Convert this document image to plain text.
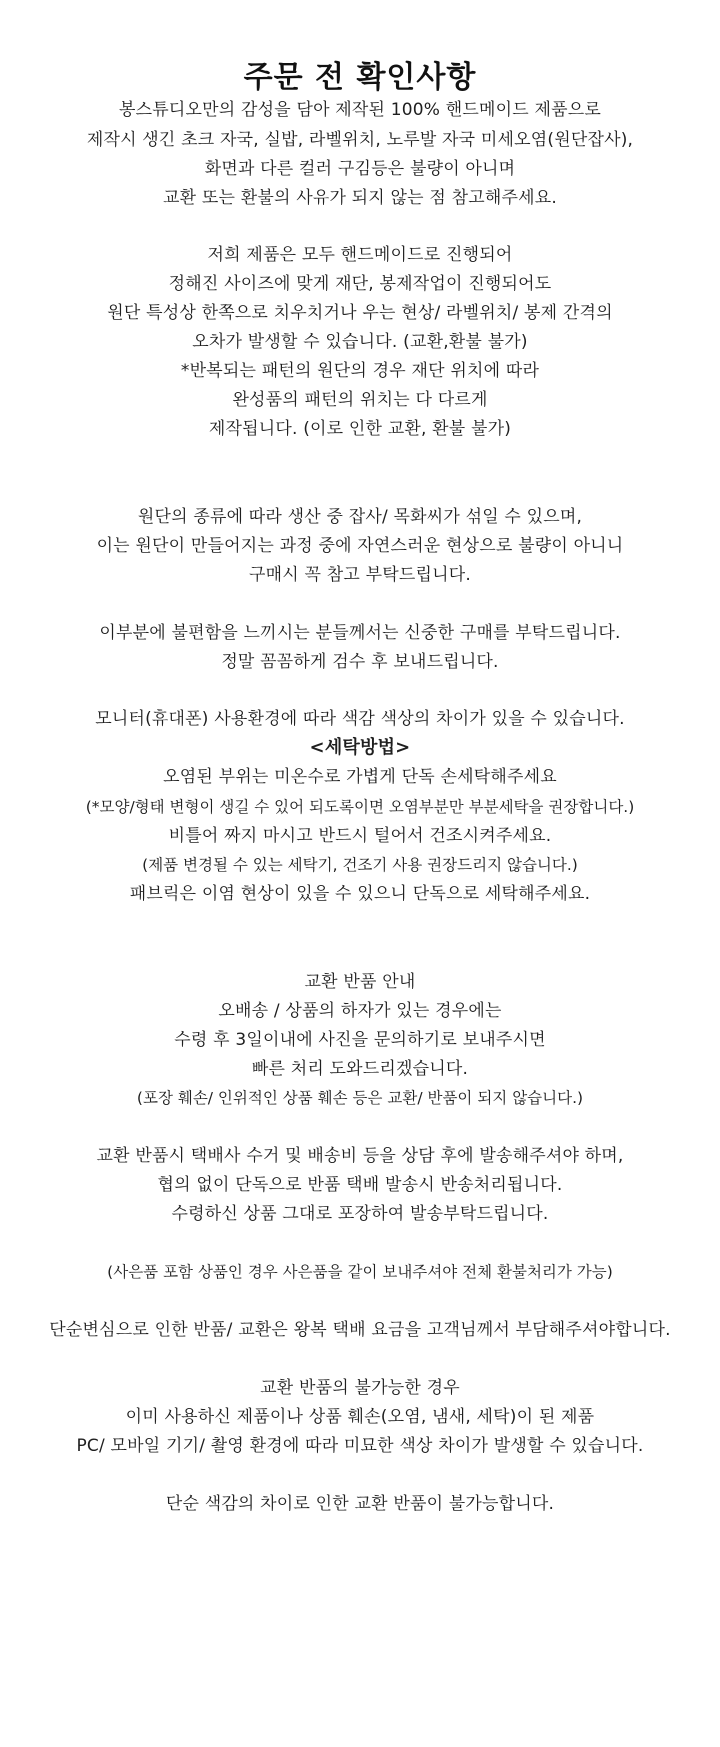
주문 전 확인사항
봉스튜디오만의 감성을 담아 제작된 100% 핸드메이드 제품으로
제작시 생긴 초크 자국, 실밥, 라벨위치, 노루발 자국 미세오염(원단잡사),
화면과 다른 컬러 구김등은 불량이 아니며
교환 또는 환불의 사유가 되지 않는 점 참고해주세요.
저희 제품은 모두 핸드메이드로 진행되어
정해진 사이즈에 맞게 재단, 봉제작업이 진행되어도
원단 특성상 한쪽으로 치우치거나 우는 현상/ 라벨위치/ 봉제 간격의
오차가 발생할 수 있습니다. (교환,환불 불가)
*반복되는 패턴의 원단의 경우 재단 위치에 따라
완성품의 패턴의 위치는 다 다르게
제작됩니다. (이로 인한 교환, 환불 불가)
원단의 종류에 따라 생산 중 잡사/ 목화씨가 섞일 수 있으며,
이는 원단이 만들어지는 과정 중에 자연스러운 현상으로 불량이 아니니
구매시 꼭 참고 부탁드립니다.
이부분에 불편함을 느끼시는 분들께서는 신중한 구매를 부탁드립니다.
정말 꼼꼼하게 검수 후 보내드립니다.
모니터(휴대폰) 사용환경에 따라 색감 색상의 차이가 있을 수 있습니다.
<세탁방법>
오염된 부위는 미온수로 가볍게 단독 손세탁해주세요
(*모양/형태 변형이 생길 수 있어 되도록이면 오염부분만 부분세탁을 권장합니다.)
비틀어 짜지 마시고 반드시 털어서 건조시켜주세요.
(제품 변경될 수 있는 세탁기, 건조기 사용 권장드리지 않습니다.)
패브릭은 이염 현상이 있을 수 있으니 단독으로 세탁해주세요.
교환 반품 안내
오배송 / 상품의 하자가 있는 경우에는
수령 후 3일이내에 사진을 문의하기로 보내주시면
빠른 처리 도와드리겠습니다.
(포장 훼손/ 인위적인 상품 훼손 등은 교환/ 반품이 되지 않습니다.)
교환 반품시 택배사 수거 및 배송비 등을 상담 후에 발송해주셔야 하며,
협의 없이 단독으로 반품 택배 발송시 반송처리됩니다.
수령하신 상품 그대로 포장하여 발송부탁드립니다.
(사은품 포함 상품인 경우 사은품을 같이 보내주셔야 전체 환불처리가 가능)
단순변심으로 인한 반품/ 교환은 왕복 택배 요금을 고객님께서 부담해주셔야합니다.
교환 반품의 불가능한 경우
이미 사용하신 제품이나 상품 훼손(오염, 냄새, 세탁)이 된 제품
PC/ 모바일 기기/ 촬영 환경에 따라 미묘한 색상 차이가 발생할 수 있습니다.
단순 색감의 차이로 인한 교환 반품이 불가능합니다.
